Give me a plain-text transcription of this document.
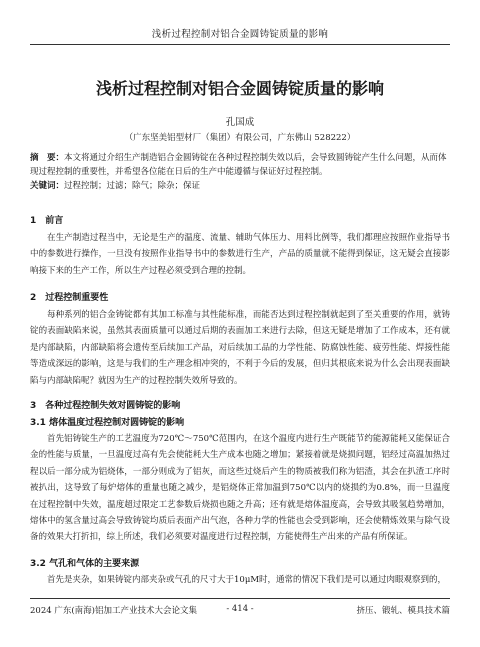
浅析过程控制对铝合金圆铸锭质量的影响
浅析过程控制对铝合金圆铸锭质量的影响
孔国成
（广东坚美铝型材厂（集团）有限公司，广东佛山 528222）
摘　要：本文将通过介绍生产制造铝合金圆铸锭在各种过程控制失效以后，会导致圆铸锭产生什么问题，从而体现过程控制的重要性，并希望各位能在日后的生产中能遵循与保证好过程控制。
关键词：过程控制；过滤；除气；除杂；保证
1　前言

在生产制造过程当中，无论是生产的温度、流量、辅助气体压力、用料比例等，我们都理应按照作业指导书中的参数进行操作，一旦没有按照作业指导书中的参数进行生产，产品的质量就不能得到保证，这无疑会直接影响接下来的生产工作，所以生产过程必须受到合理的控制。

2　过程控制重要性

每种系列的铝合金铸锭都有其加工标准与其性能标准，而能否达到过程控制就起到了至关重要的作用，就铸锭的表面缺陷来说，虽然其表面质量可以通过后期的表面加工来进行去除，但这无疑是增加了工作成本，还有就是内部缺陷，内部缺陷将会遗传至后续加工产品，对后续加工品的力学性能、防腐蚀性能、疲劳性能、焊接性能等造成深远的影响，这是与我们的生产理念相冲突的，不利于今后的发展，但归其根底来说为什么会出现表面缺陷与内部缺陷呢？就因为生产的过程控制失效所导致的。

3　各种过程控制失效对圆铸锭的影响
3.1 熔体温度过程控制对圆铸锭的影响

首先铝铸锭生产的工艺温度为720℃～750℃范围内，在这个温度内进行生产既能节约能源能耗又能保证合金的性能与质量，一旦温度过高有先会使能耗大生产成本也随之增加；紧接着就是烧损问题，铝经过高温加热过程以后一部分成为铝烧体，一部分则成为了铝灰，而这些过烧后产生的物质被我们称为铝渣，其会在扒渣工序时被扒出，这导致了每炉熔体的重量也随之减少，是铝烧体正常加温到750℃以内的烧损约为0.8%，而一旦温度在过程控制中失效，温度超过限定工艺参数后烧损也随之升高；还有就是熔体温度高，会导致其吸氢趋势增加，熔体中的氢含量过高会导致铸锭均质后表面产出气泡，各种力学的性能也会受到影响，还会使精炼效果与除气设备的效果大打折扣，综上所述，我们必须要对温度进行过程控制，方能使得生产出来的产品有所保证。

3.2 气孔和气体的主要来源

首先是夹杂，如果铸锭内部夹杂或气孔的尺寸大于10μM时，通常的情况下我们是可以通过肉眼观察到的，

2024 广东(南海)铝加工产业技术大会论文集	- 414 -	挤压、锻轧、模具技术篇
